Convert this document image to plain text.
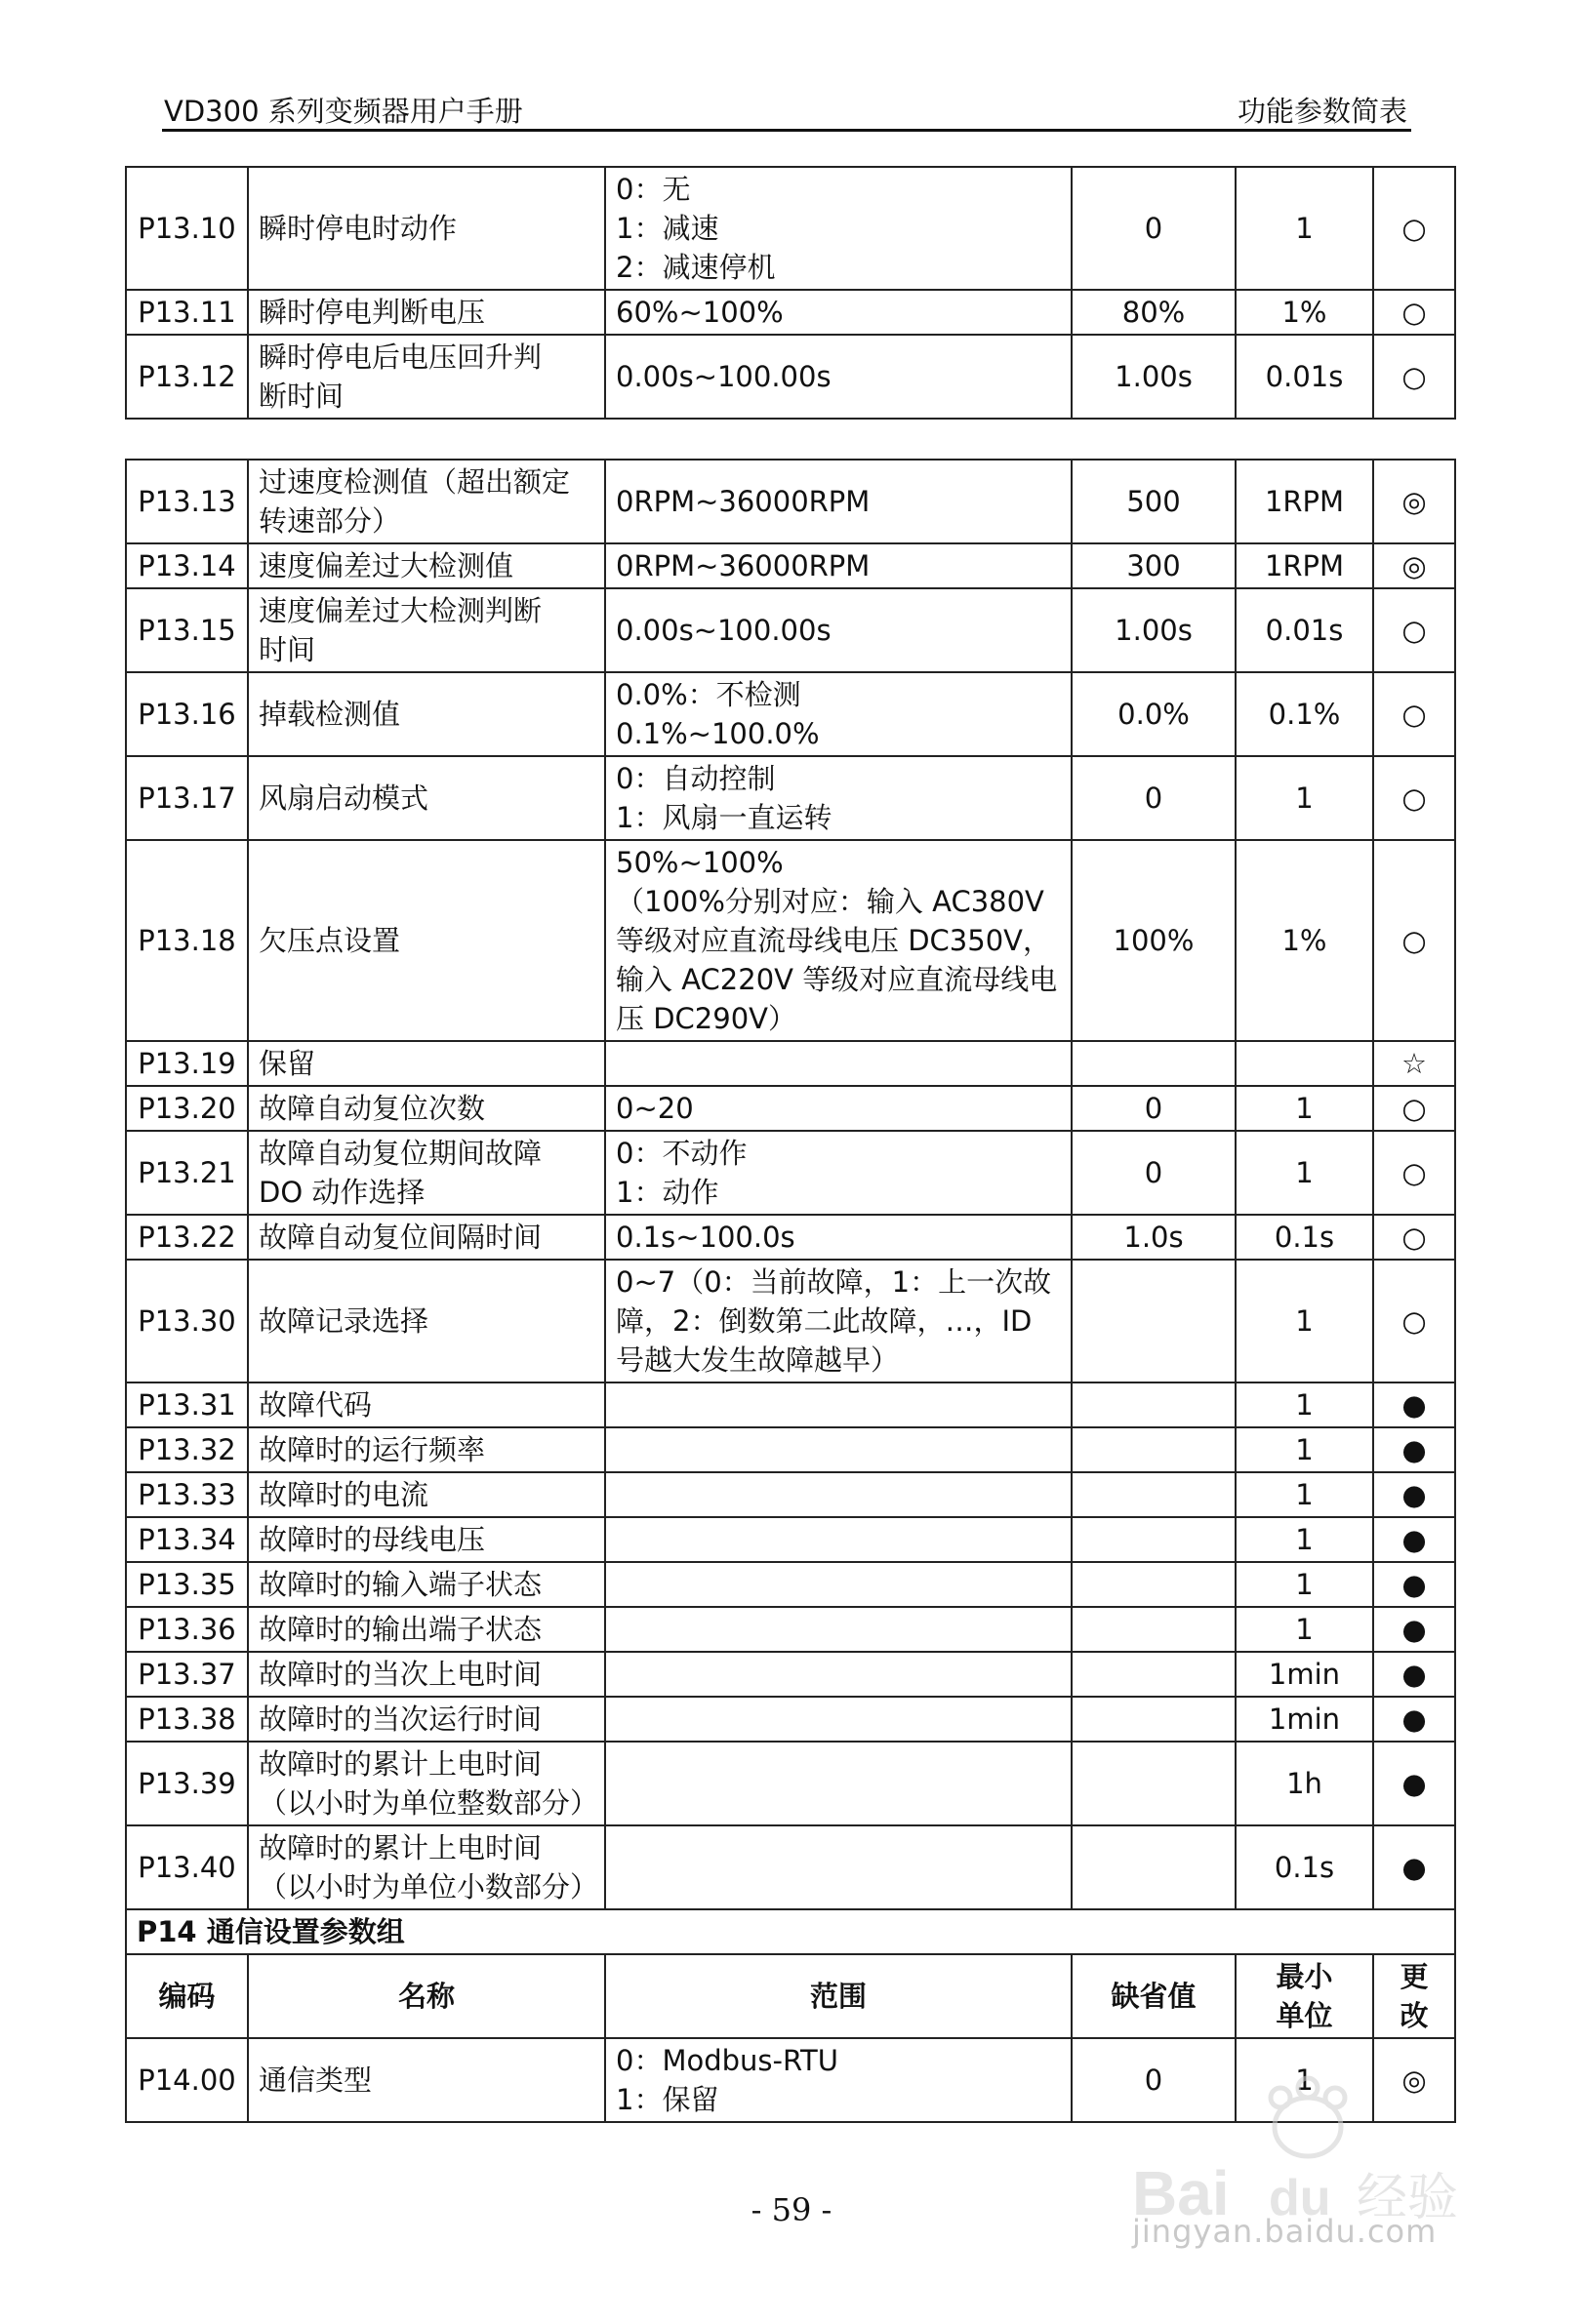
VD300 系列变频器用户手册	功能参数简表
P13.10	瞬时停电时动作	0：无
1：减速
2：减速停机	0	1	○
P13.11	瞬时停电判断电压	60%~100%	80%	1%	○
P13.12	瞬时停电后电压回升判
断时间	0.00s~100.00s	1.00s	0.01s	○
P13.13	过速度检测值（超出额定
转速部分）	0RPM~36000RPM	500	1RPM	◎
P13.14	速度偏差过大检测值	0RPM~36000RPM	300	1RPM	◎
P13.15	速度偏差过大检测判断
时间	0.00s~100.00s	1.00s	0.01s	○
P13.16	掉载检测值	0.0%：不检测
0.1%~100.0%	0.0%	0.1%	○
P13.17	风扇启动模式	0：自动控制
1：风扇一直运转	0	1	○
P13.18	欠压点设置	50%~100%
（100%分别对应：输入 AC380V
等级对应直流母线电压 DC350V，
输入 AC220V 等级对应直流母线电
压 DC290V）	100%	1%	○
P13.19	保留				☆
P13.20	故障自动复位次数	0~20	0	1	○
P13.21	故障自动复位期间故障
DO 动作选择	0：不动作
1：动作	0	1	○
P13.22	故障自动复位间隔时间	0.1s~100.0s	1.0s	0.1s	○
P13.30	故障记录选择	0~7（0：当前故障，1：上一次故
障，2：倒数第二此故障，…，ID
号越大发生故障越早）		1	○
P13.31	故障代码			1	●
P13.32	故障时的运行频率			1	●
P13.33	故障时的电流			1	●
P13.34	故障时的母线电压			1	●
P13.35	故障时的输入端子状态			1	●
P13.36	故障时的输出端子状态			1	●
P13.37	故障时的当次上电时间			1min	●
P13.38	故障时的当次运行时间			1min	●
P13.39	故障时的累计上电时间
（以小时为单位整数部分）			1h	●
P13.40	故障时的累计上电时间
（以小时为单位小数部分）			0.1s	●
P14 通信设置参数组					
编码	名称	范围	缺省值	最小
单位	更
改

P14.00	通信类型	0：Modbus-RTU
1：保留	0	1	◎
- 59 -	Bai du 经验
jingyan.baidu.com
